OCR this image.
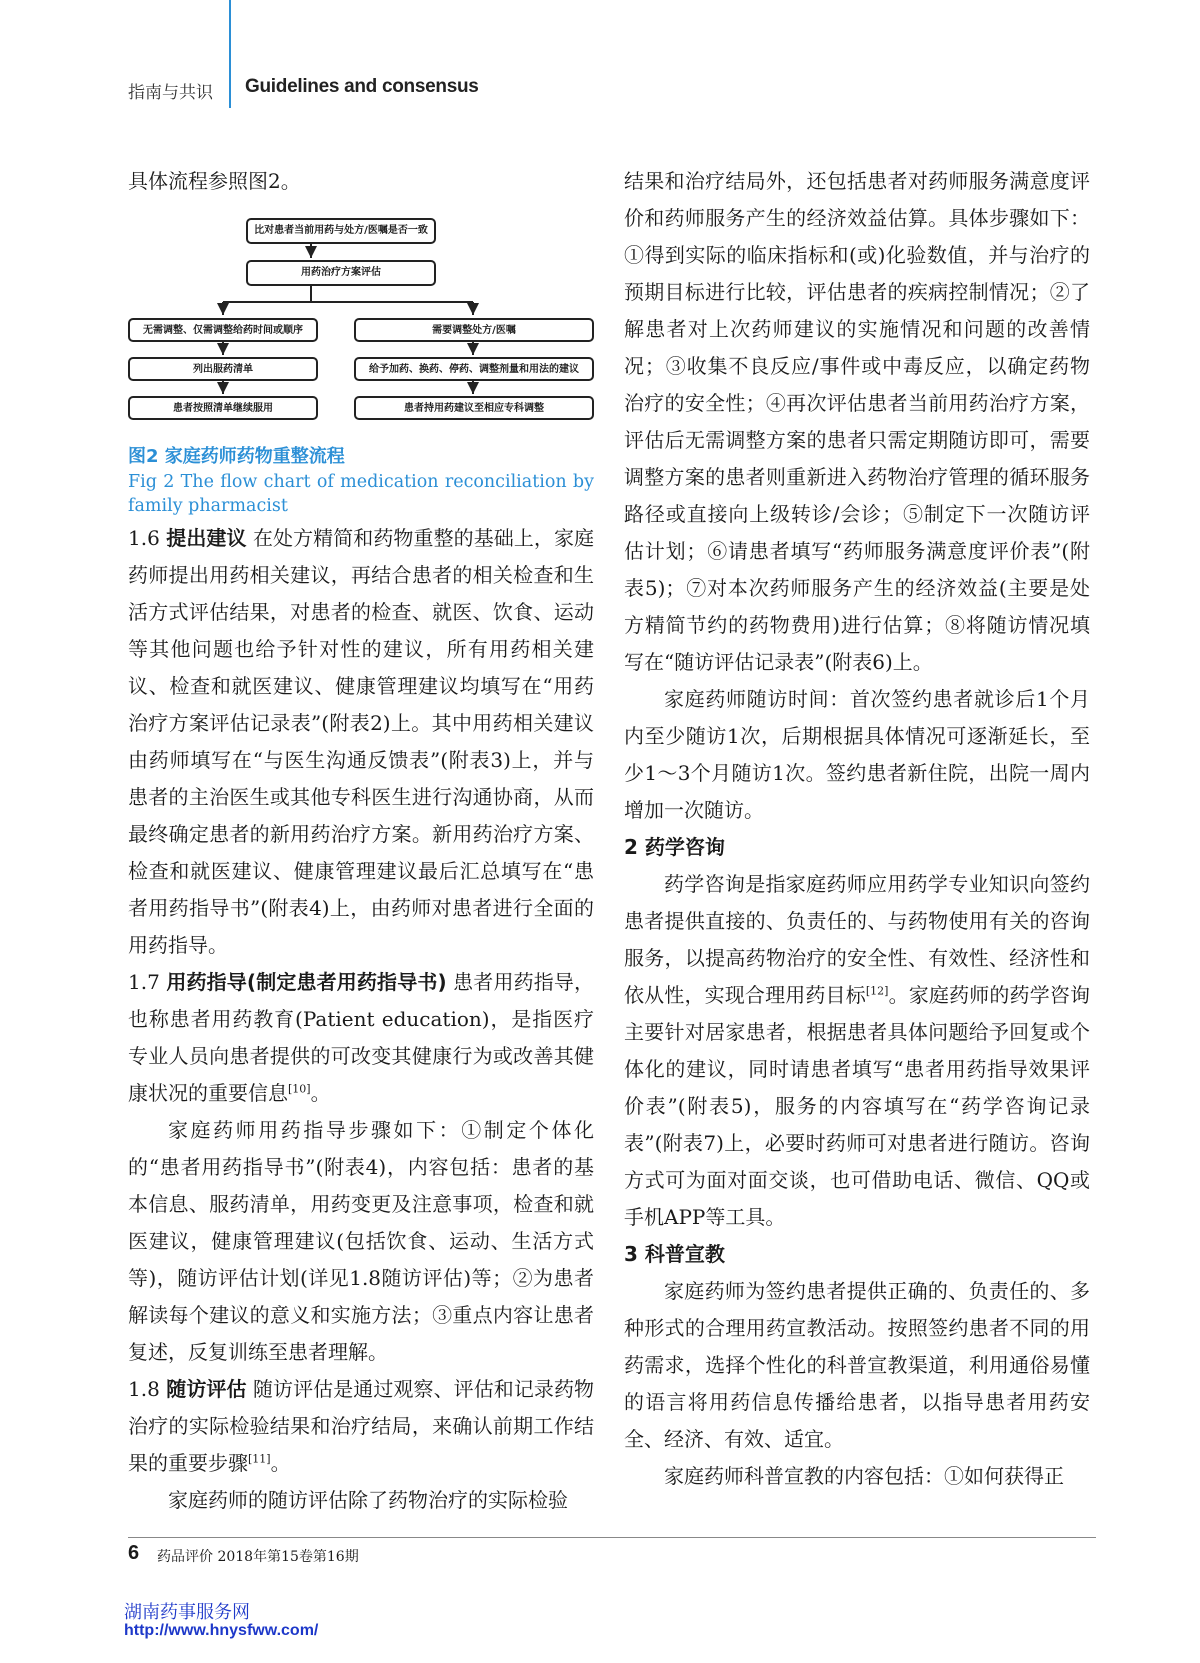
指南与共识 Guidelines and consensus

具体流程参照图2。

比对患者当前用药与处方/医嘱是否一致
用药治疗方案评估
无需调整、仅需调整给药时间或顺序
列出服药清单
患者按照清单继续服用
需要调整处方/医嘱
给予加药、换药、停药、调整剂量和用法的建议
患者持用药建议至相应专科调整
图2 家庭药师药物重整流程
Fig 2 The flow chart of medication reconciliation by family pharmacist

1.6 提出建议 在处方精简和药物重整的基础上，家庭药师提出用药相关建议，再结合患者的相关检查和生活方式评估结果，对患者的检查、就医、饮食、运动等其他问题也给予针对性的建议，所有用药相关建议、检查和就医建议、健康管理建议均填写在“用药治疗方案评估记录表”(附表2)上。其中用药相关建议由药师填写在“与医生沟通反馈表”(附表3)上，并与患者的主治医生或其他专科医生进行沟通协商，从而最终确定患者的新用药治疗方案。新用药治疗方案、检查和就医建议、健康管理建议最后汇总填写在“患者用药指导书”(附表4)上，由药师对患者进行全面的用药指导。

1.7 用药指导(制定患者用药指导书) 患者用药指导，也称患者用药教育(Patient education)，是指医疗专业人员向患者提供的可改变其健康行为或改善其健康状况的重要信息[10]。

家庭药师用药指导步骤如下：①制定个体化的“患者用药指导书”(附表4)，内容包括：患者的基本信息、服药清单，用药变更及注意事项，检查和就医建议，健康管理建议(包括饮食、运动、生活方式等)，随访评估计划(详见1.8随访评估)等；②为患者解读每个建议的意义和实施方法；③重点内容让患者复述，反复训练至患者理解。

1.8 随访评估 随访评估是通过观察、评估和记录药物治疗的实际检验结果和治疗结局，来确认前期工作结果的重要步骤[11]。

家庭药师的随访评估除了药物治疗的实际检验

结果和治疗结局外，还包括患者对药师服务满意度评价和药师服务产生的经济效益估算。具体步骤如下：①得到实际的临床指标和(或)化验数值，并与治疗的预期目标进行比较，评估患者的疾病控制情况；②了解患者对上次药师建议的实施情况和问题的改善情况；③收集不良反应/事件或中毒反应，以确定药物治疗的安全性；④再次评估患者当前用药治疗方案，评估后无需调整方案的患者只需定期随访即可，需要调整方案的患者则重新进入药物治疗管理的循环服务路径或直接向上级转诊/会诊；⑤制定下一次随访评估计划；⑥请患者填写“药师服务满意度评价表”(附表5)；⑦对本次药师服务产生的经济效益(主要是处方精简节约的药物费用)进行估算；⑧将随访情况填写在“随访评估记录表”(附表6)上。

家庭药师随访时间：首次签约患者就诊后1个月内至少随访1次，后期根据具体情况可逐渐延长，至少1～3个月随访1次。签约患者新住院，出院一周内增加一次随访。

2 药学咨询

药学咨询是指家庭药师应用药学专业知识向签约患者提供直接的、负责任的、与药物使用有关的咨询服务，以提高药物治疗的安全性、有效性、经济性和依从性，实现合理用药目标[12]。家庭药师的药学咨询主要针对居家患者，根据患者具体问题给予回复或个体化的建议，同时请患者填写“患者用药指导效果评价表”(附表5)，服务的内容填写在“药学咨询记录表”(附表7)上，必要时药师可对患者进行随访。咨询方式可为面对面交谈，也可借助电话、微信、QQ或手机APP等工具。

3 科普宣教

家庭药师为签约患者提供正确的、负责任的、多种形式的合理用药宣教活动。按照签约患者不同的用药需求，选择个性化的科普宣教渠道，利用通俗易懂的语言将用药信息传播给患者，以指导患者用药安全、经济、有效、适宜。

家庭药师科普宣教的内容包括：①如何获得正

6 药品评价 2018年第15卷第16期
湖南药事服务网
http://www.hnysfww.com/
